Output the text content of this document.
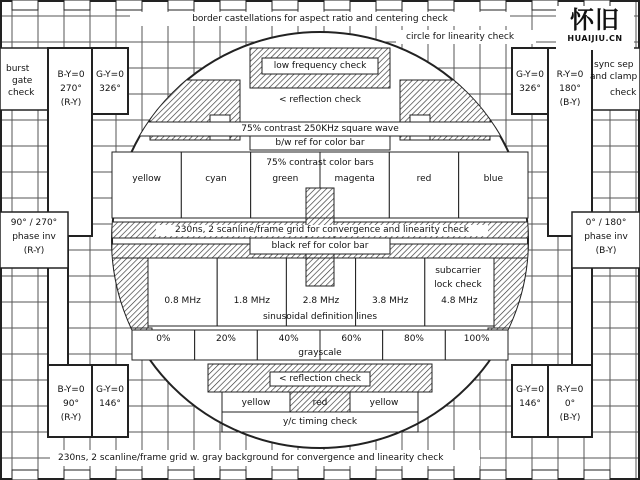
border castellations for aspect ratio and centering check
circle for linearity check
burst
gate
check
sync sep
and clamp
check
B-Y=0
270°
(R-Y)
G-Y=0
326°
G-Y=0
326°
R-Y=0
180°
(B-Y)
low frequency check
< reflection check
75% contrast 250KHz square wave
b/w ref for color bar
75% contrast color bars
90° / 270°
phase inv
(R-Y)
0° / 180°
phase inv
(B-Y)
230ns, 2 scanline/frame grid for convergence and linearity check
black ref for color bar
subcarrier
lock check
sinusoidal definition lines
grayscale
< reflection check
B-Y=0
90°
(R-Y)
G-Y=0
146°
G-Y=0
146°
R-Y=0
0°
(B-Y)
yellow	red	yellow
y/c timing check
230ns, 2 scanline/frame grid w. gray background for convergence and linearity check
yellow	cyan	green	magenta	red	blue
0.8 MHz	1.8 MHz	2.8 MHz	3.8 MHz	4.8 MHz
0%	20%	40%	60%	80%	100%
怀旧
HUAIJIU.CN
